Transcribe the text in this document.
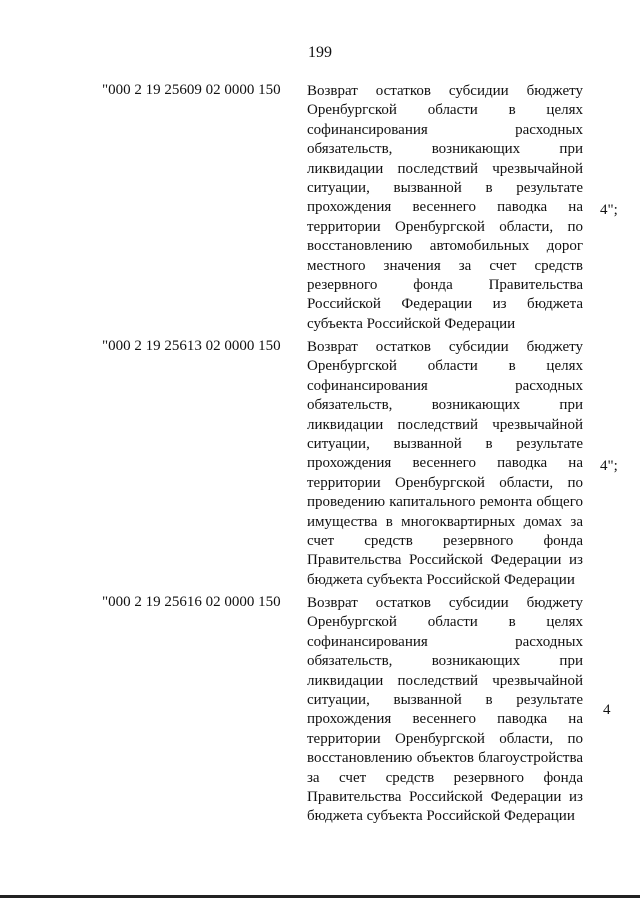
199
"000 2 19 25609 02 0000 150 Возврат остатков субсидии бюджету Оренбургской области в целях софинансирования расходных обязательств, возникающих при ликвидации последствий чрезвычайной ситуации, вызванной в результате прохождения весеннего паводка на территории Оренбургской области, по восстановлению автомобильных дорог местного значения за счет средств резервного фонда Правительства Российской Федерации из бюджета субъекта Российской Федерации
4";
"000 2 19 25613 02 0000 150 Возврат остатков субсидии бюджету Оренбургской области в целях софинансирования расходных обязательств, возникающих при ликвидации последствий чрезвычайной ситуации, вызванной в результате прохождения весеннего паводка на территории Оренбургской области, по проведению капитального ремонта общего имущества в многоквартирных домах за счет средств резервного фонда Правительства Российской Федерации из бюджета субъекта Российской Федерации
4";
"000 2 19 25616 02 0000 150 Возврат остатков субсидии бюджету Оренбургской области в целях софинансирования расходных обязательств, возникающих при ликвидации последствий чрезвычайной ситуации, вызванной в результате прохождения весеннего паводка на территории Оренбургской области, по восстановлению объектов благоустройства за счет средств резервного фонда Правительства Российской Федерации из бюджета субъекта Российской Федерации
4
